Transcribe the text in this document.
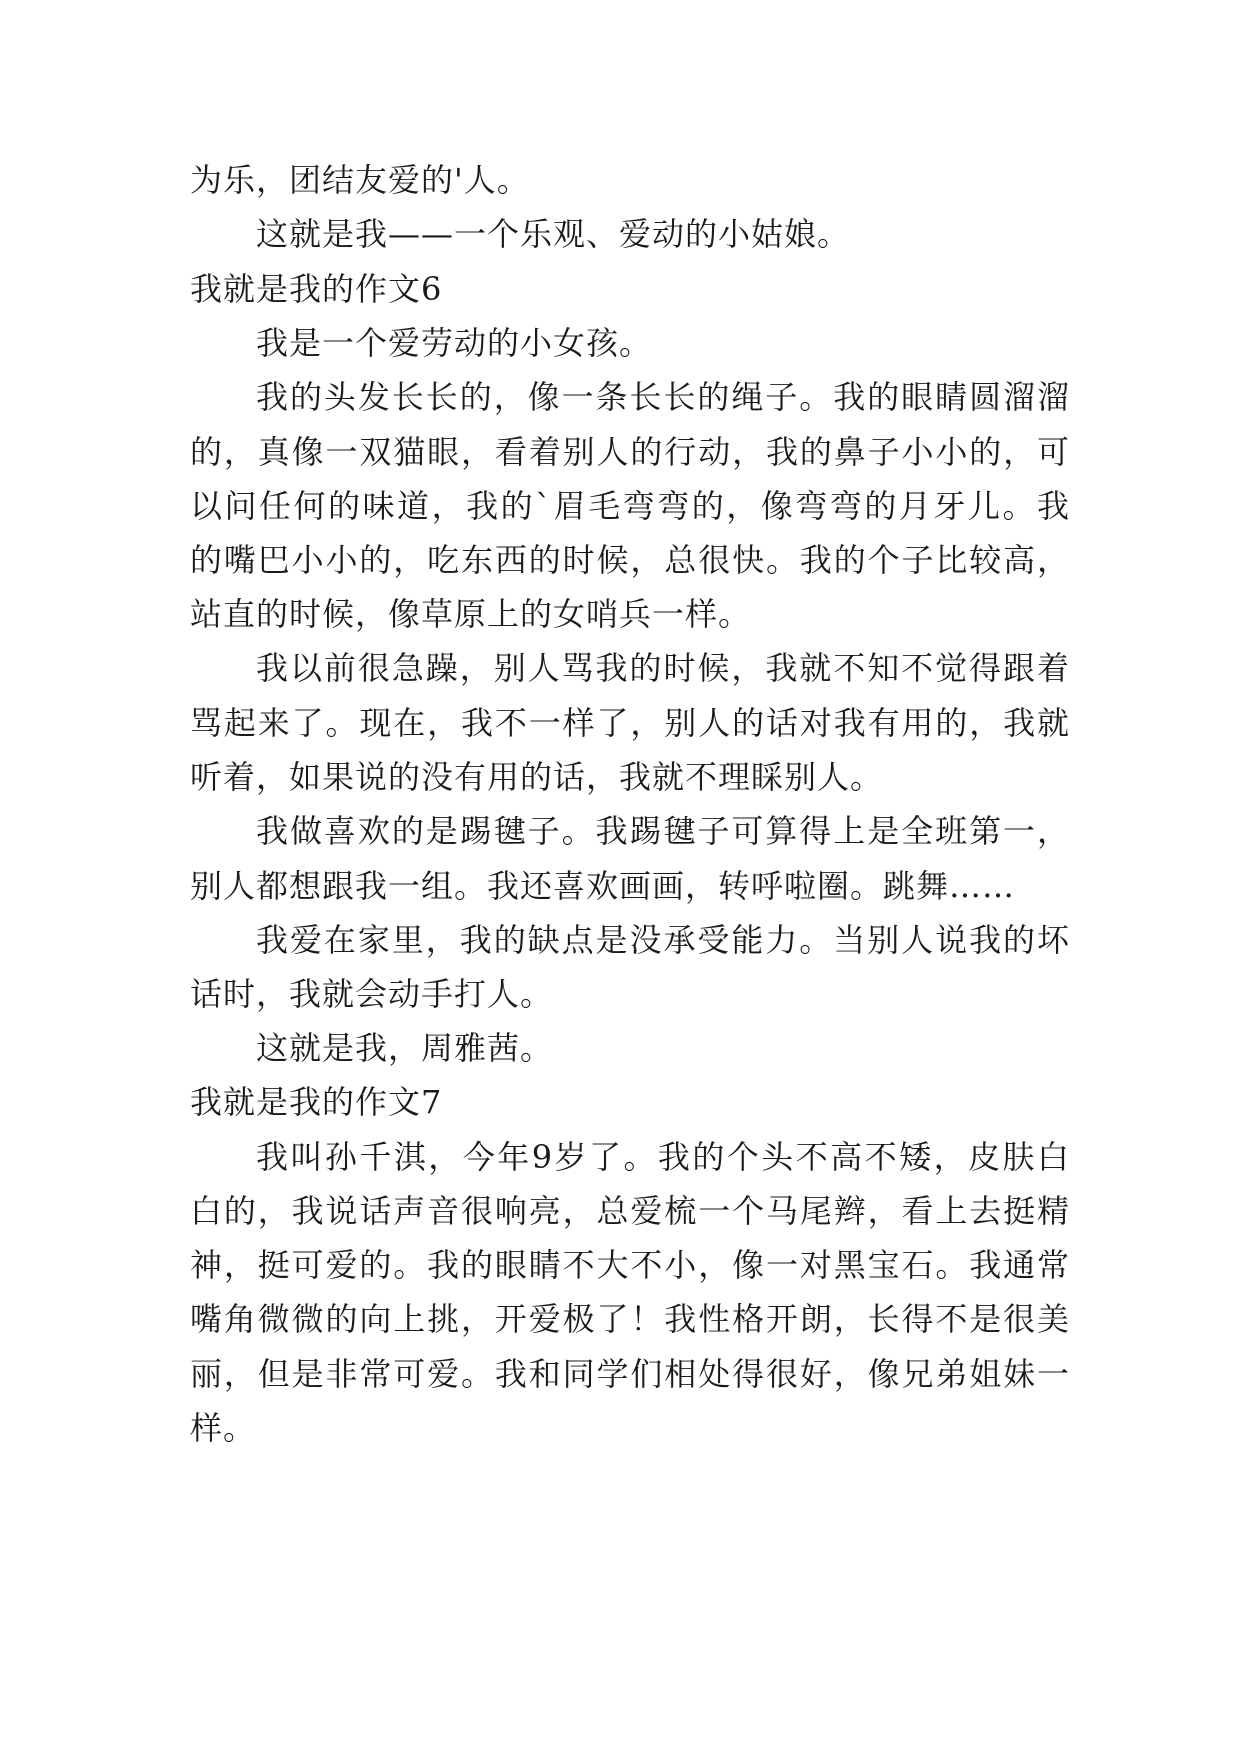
为乐，团结友爱的'人。
这就是我——一个乐观、爱动的小姑娘。
我就是我的作文6
我是一个爱劳动的小女孩。
我的头发长长的，像一条长长的绳子。我的眼睛圆溜溜
的，真像一双猫眼，看着别人的行动，我的鼻子小小的，可
以问任何的味道，我的`眉毛弯弯的，像弯弯的月牙儿。我
的嘴巴小小的，吃东西的时候，总很快。我的个子比较高，
站直的时候，像草原上的女哨兵一样。
我以前很急躁，别人骂我的时候，我就不知不觉得跟着
骂起来了。现在，我不一样了，别人的话对我有用的，我就
听着，如果说的没有用的话，我就不理睬别人。
我做喜欢的是踢毽子。我踢毽子可算得上是全班第一，
别人都想跟我一组。我还喜欢画画，转呼啦圈。跳舞……
我爱在家里，我的缺点是没承受能力。当别人说我的坏
话时，我就会动手打人。
这就是我，周雅茜。
我就是我的作文7
我叫孙千淇，今年9岁了。我的个头不高不矮，皮肤白
白的，我说话声音很响亮，总爱梳一个马尾辫，看上去挺精
神，挺可爱的。我的眼睛不大不小，像一对黑宝石。我通常
嘴角微微的向上挑，开爱极了！我性格开朗，长得不是很美
丽，但是非常可爱。我和同学们相处得很好，像兄弟姐妹一
样。
